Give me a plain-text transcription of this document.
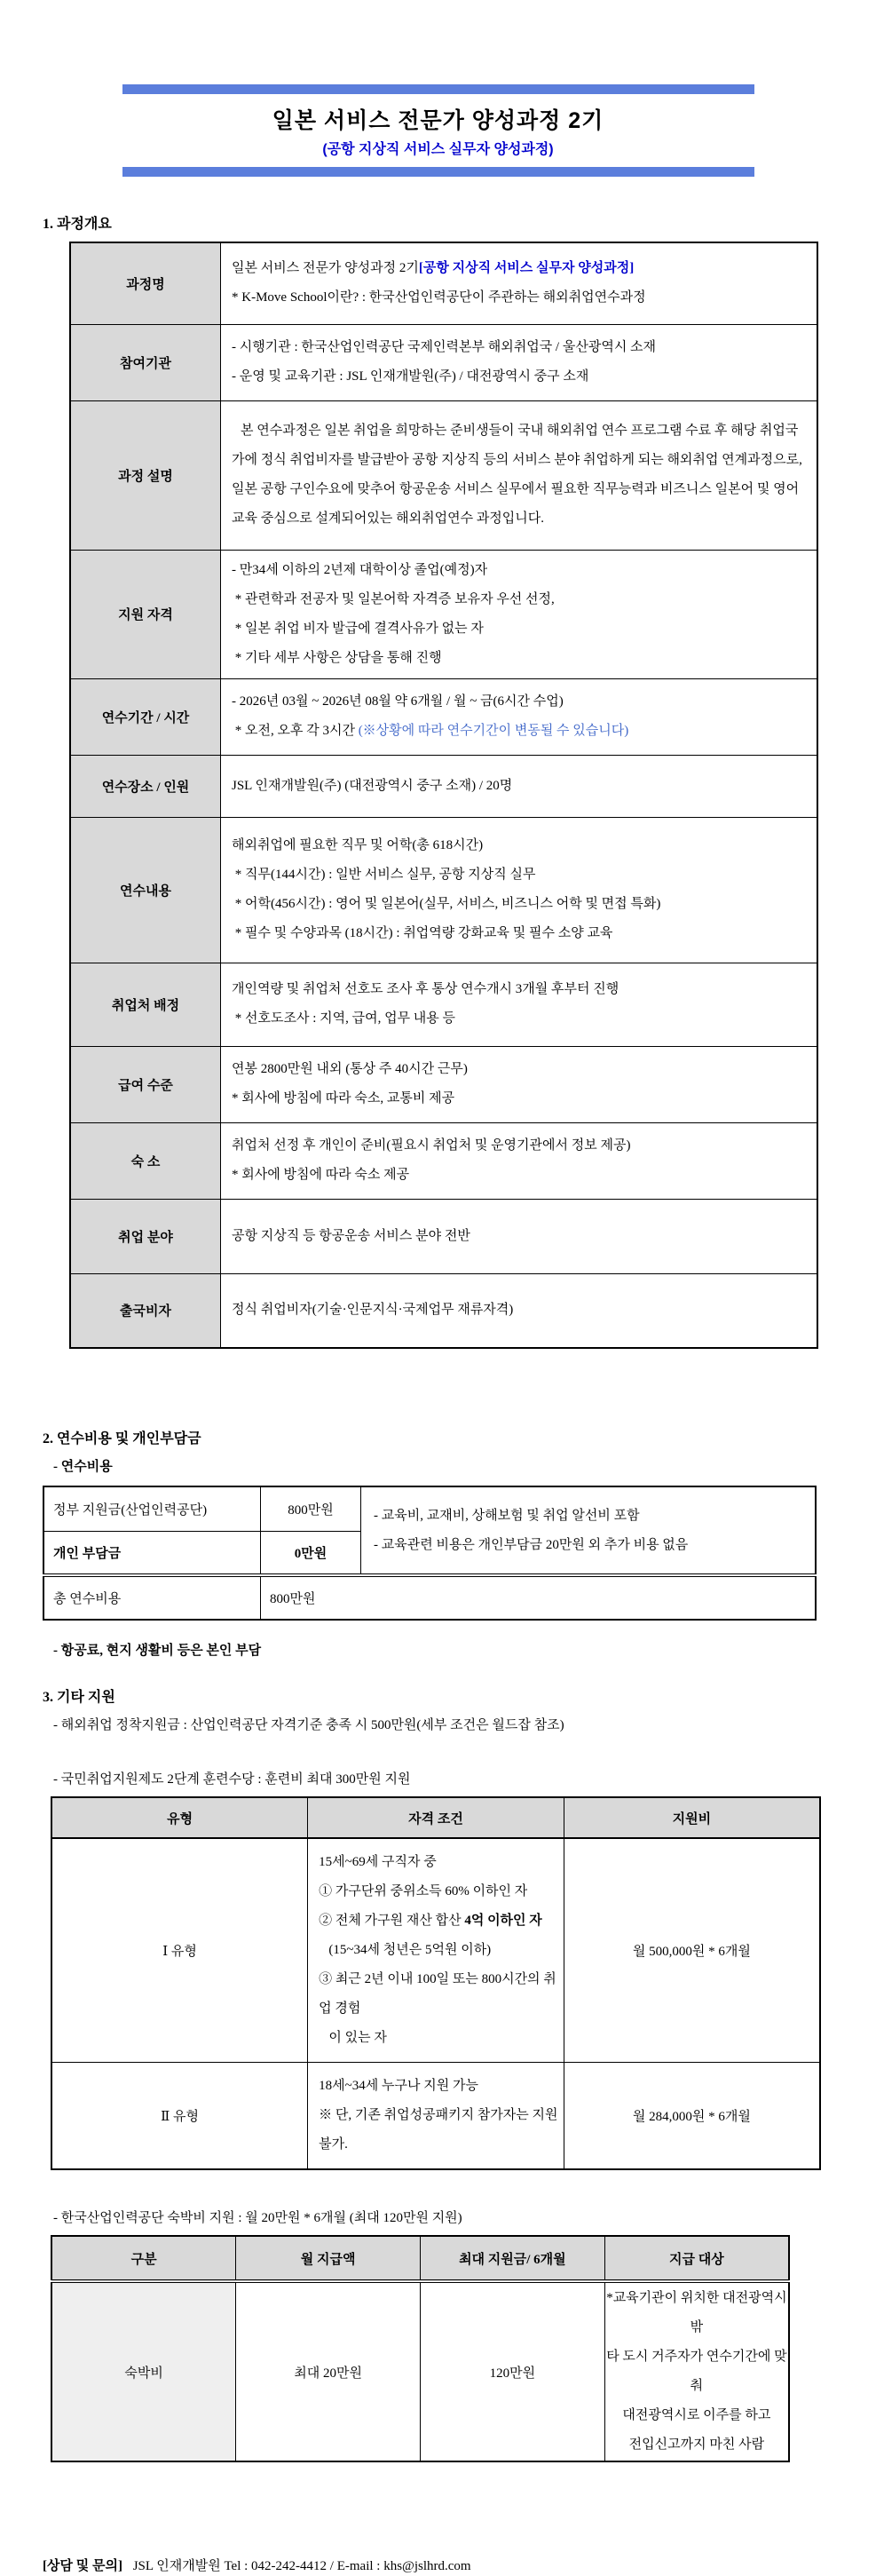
일본 서비스 전문가 양성과정 2기
(공항 지상직 서비스 실무자 양성과정)
1. 과정개요
과정명	일본 서비스 전문가 양성과정 2기[공항 지상직 서비스 실무자 양성과정]
* K-Move School이란? : 한국산업인력공단이 주관하는 해외취업연수과정

참여기관	- 시행기관 : 한국산업인력공단 국제인력본부 해외취업국 / 울산광역시 소재
- 운영 및 교육기관 : JSL 인재개발원(주) / 대전광역시 중구 소재

과정 설명	본 연수과정은 일본 취업을 희망하는 준비생들이 국내 해외취업 연수 프로그램 수료 후 해당 취업국가에 정식 취업비자를 발급받아 공항 지상직 등의 서비스 분야 취업하게 되는 해외취업 연계과정으로, 일본 공항 구인수요에 맞추어 항공운송 서비스 실무에서 필요한 직무능력과 비즈니스 일본어 및 영어 교육 중심으로 설계되어있는 해외취업연수 과정입니다.

지원 자격	- 만34세 이하의 2년제 대학이상 졸업(예정)자
* 관련학과 전공자 및 일본어학 자격증 보유자 우선 선정,
* 일본 취업 비자 발급에 결격사유가 없는 자
* 기타 세부 사항은 상담을 통해 진행

연수기간 / 시간	- 2026년 03월 ~ 2026년 08월 약 6개월 / 월 ~ 금(6시간 수업)
* 오전, 오후 각 3시간 (※상황에 따라 연수기간이 변동될 수 있습니다)

연수장소 / 인원	JSL 인재개발원(주) (대전광역시 중구 소재) / 20명

연수내용	해외취업에 필요한 직무 및 어학(총 618시간)
* 직무(144시간) : 일반 서비스 실무, 공항 지상직 실무
* 어학(456시간) : 영어 및 일본어(실무, 서비스, 비즈니스 어학 및 면접 특화)
* 필수 및 수양과목 (18시간) : 취업역량 강화교육 및 필수 소양 교육

취업처 배정	개인역량 및 취업처 선호도 조사 후 통상 연수개시 3개월 후부터 진행
* 선호도조사 : 지역, 급여, 업무 내용 등

급여 수준	연봉 2800만원 내외 (통상 주 40시간 근무)
* 회사에 방침에 따라 숙소, 교통비 제공

숙 소	취업처 선정 후 개인이 준비(필요시 취업처 및 운영기관에서 정보 제공)
* 회사에 방침에 따라 숙소 제공

취업 분야	공항 지상직 등 항공운송 서비스 분야 전반

출국비자	정식 취업비자(기술·인문지식·국제업무 재류자격)
2. 연수비용 및 개인부담금
- 연수비용
정부 지원금(산업인력공단)	800만원	- 교육비, 교재비, 상해보험 및 취업 알선비 포함
- 교육관련 비용은 개인부담금 20만원 외 추가 비용 없음

개인 부담금	0만원	
총 연수비용	800만원	
- 항공료, 현지 생활비 등은 본인 부담
3. 기타 지원
- 해외취업 정착지원금 : 산업인력공단 자격기준 충족 시 500만원(세부 조건은 월드잡 참조)
- 국민취업지원제도 2단계 훈련수당 : 훈련비 최대 300만원 지원
유형	자격 조건	지원비
Ⅰ 유형	
15세~69세 구직자 중
① 가구단위 중위소득 60% 이하인 자
② 전체 가구원 재산 합산 4억 이하인 자
(15~34세 청년은 5억원 이하)
③ 최근 2년 이내 100일 또는 800시간의 취업 경험
이 있는 자
	월 500,000원 * 6개월
Ⅱ 유형	18세~34세 누구나 지원 가능
※ 단, 기존 취업성공패키지 참가자는 지원 불가.	월 284,000원 * 6개월
- 한국산업인력공단 숙박비 지원 : 월 20만원 * 6개월 (최대 120만원 지원)
구분	월 지급액	최대 지원금/ 6개월	지급 대상
숙박비	최대 20만원	120만원	*교육기관이 위치한 대전광역시 밖
타 도시 거주자가 연수기간에 맞춰
대전광역시로 이주를 하고
전입신고까지 마친 사람
[상담 및 문의] JSL 인재개발원 Tel : 042-242-4412 / E-mail : khs@jslhrd.com
